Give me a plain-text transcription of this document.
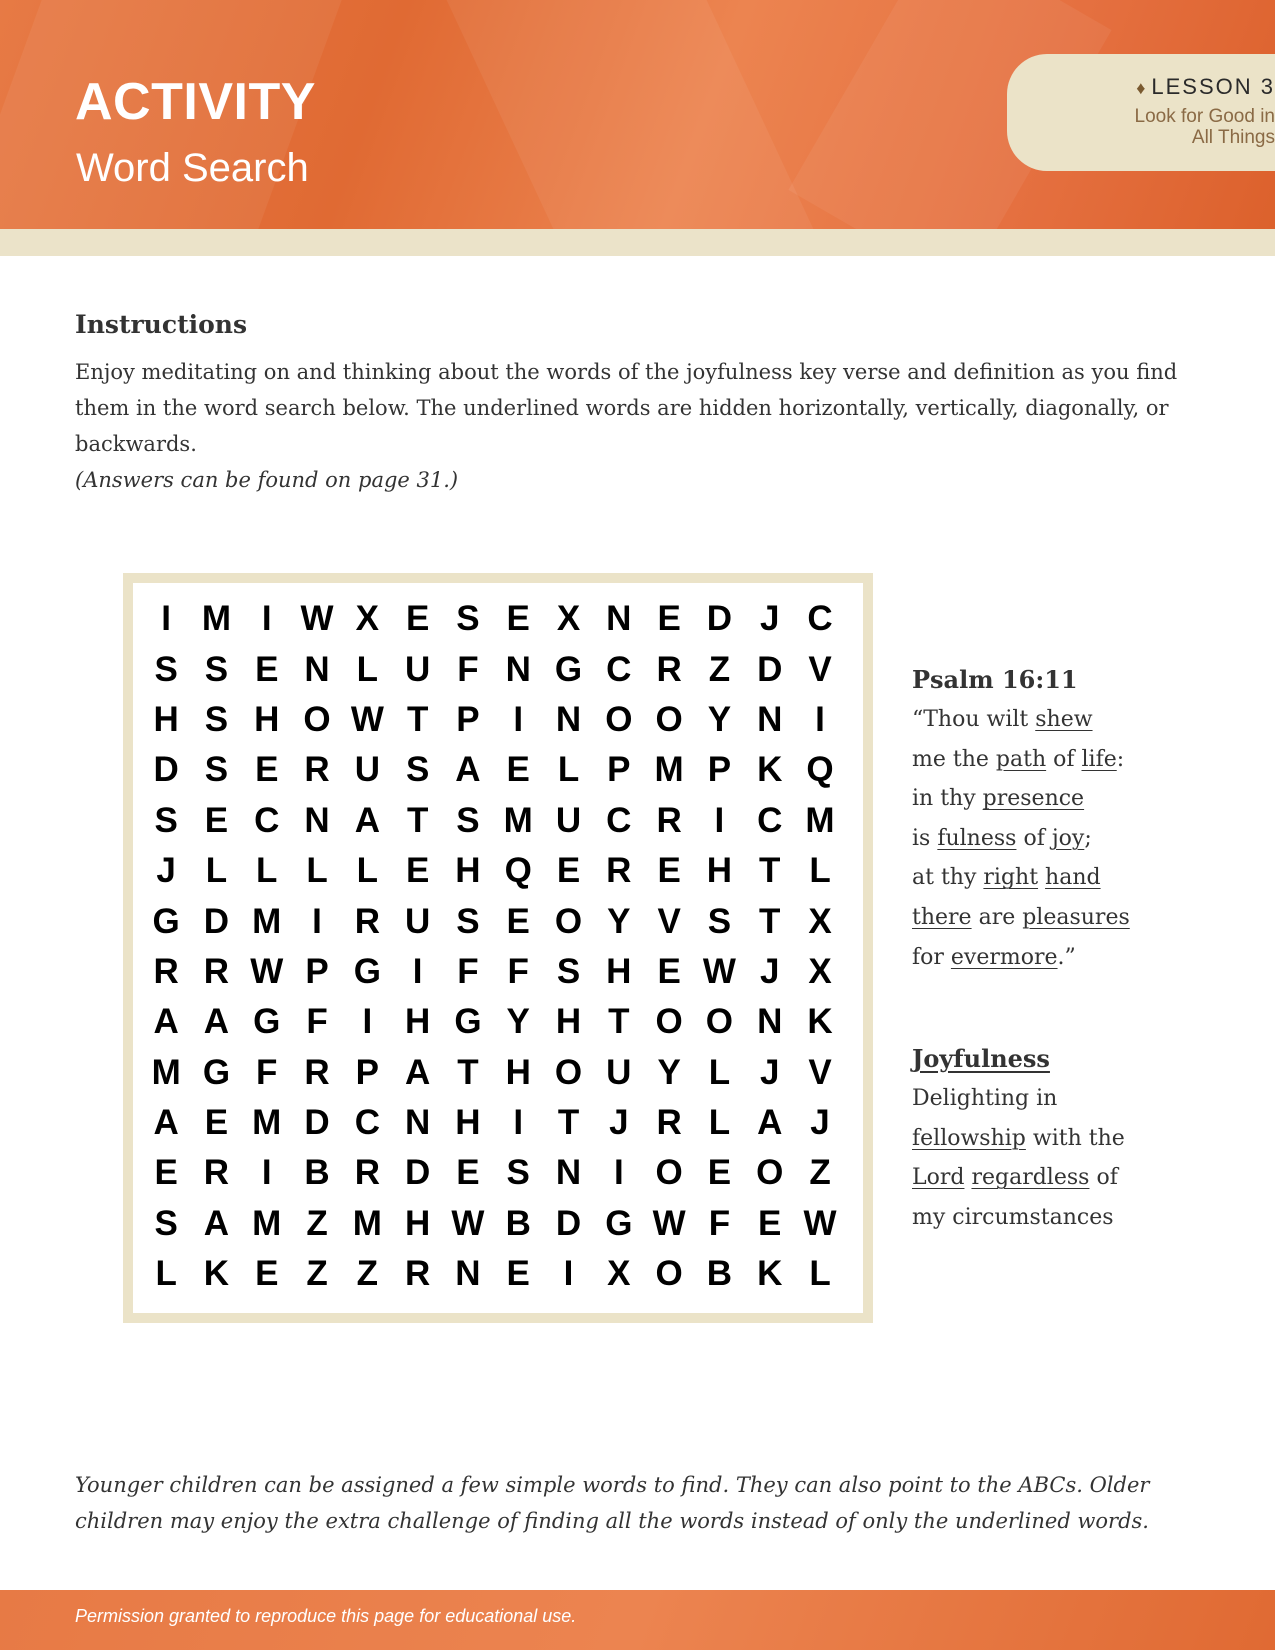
ACTIVITY
Word Search
♦ LESSON 3
Look for Good in
All Things
Instructions
Enjoy meditating on and thinking about the words of the joyfulness key verse and definition as you find them in the word search below. The underlined words are hidden horizontally, vertically, diagonally, or backwards.
(Answers can be found on page 31.)
I M I W X E S E X N E D J C
S S E N L U F N G C R Z D V
H S H O W T P I N O O Y N I
D S E R U S A E L P M P K Q
S E C N A T S M U C R I C M
J L L L L E H Q E R E H T L
G D M I R U S E O Y V S T X
R R W P G I F F S H E W J X
A A G F I H G Y H T O O N K
M G F R P A T H O U Y L J V
A E M D C N H I T J R L A J
E R I B R D E S N I O E O Z
S A M Z M H W B D G W F E W
L K E Z Z R N E I X O B K L
Psalm 16:11
“Thou wilt shew
me the path of life:
in thy presence
is fulness of joy;
at thy right hand
there are pleasures
for evermore.”
Joyfulness
Delighting in
fellowship with the
Lord regardless of
my circumstances
Younger children can be assigned a few simple words to find. They can also point to the ABCs. Older children may enjoy the extra challenge of finding all the words instead of only the underlined words.
Permission granted to reproduce this page for educational use.
